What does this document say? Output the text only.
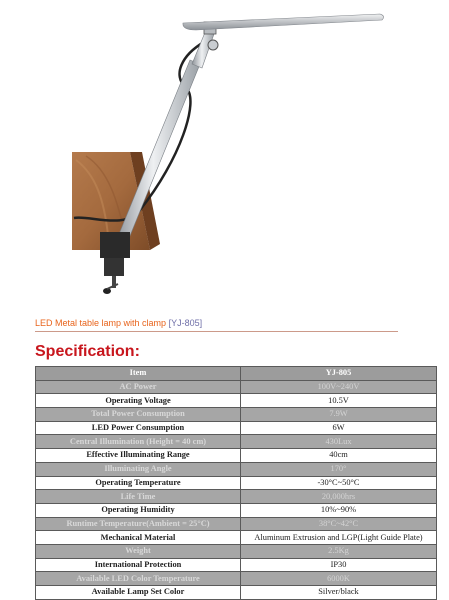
LED Metal table lamp with clamp [YJ-805]
Specification:
Item	YJ-805
AC Power	100V~240V
Operating Voltage	10.5V
Total Power Consumption	7.9W
LED Power Consumption	6W
Central Illumination (Height = 40 cm)	430Lux
Effective Illuminating Range	40cm
Illuminating Angle	170°
Operating Temperature	-30°C~50°C
Life Time	20,000hrs
Operating Humidity	10%~90%
Runtime Temperature(Ambient = 25°C)	38°C~42°C
Mechanical Material	Aluminum Extrusion and LGP(Light Guide Plate)
Weight	2.5Kg
International Protection	IP30
Available LED Color Temperature	6000K
Available Lamp Set Color	Silver/black
